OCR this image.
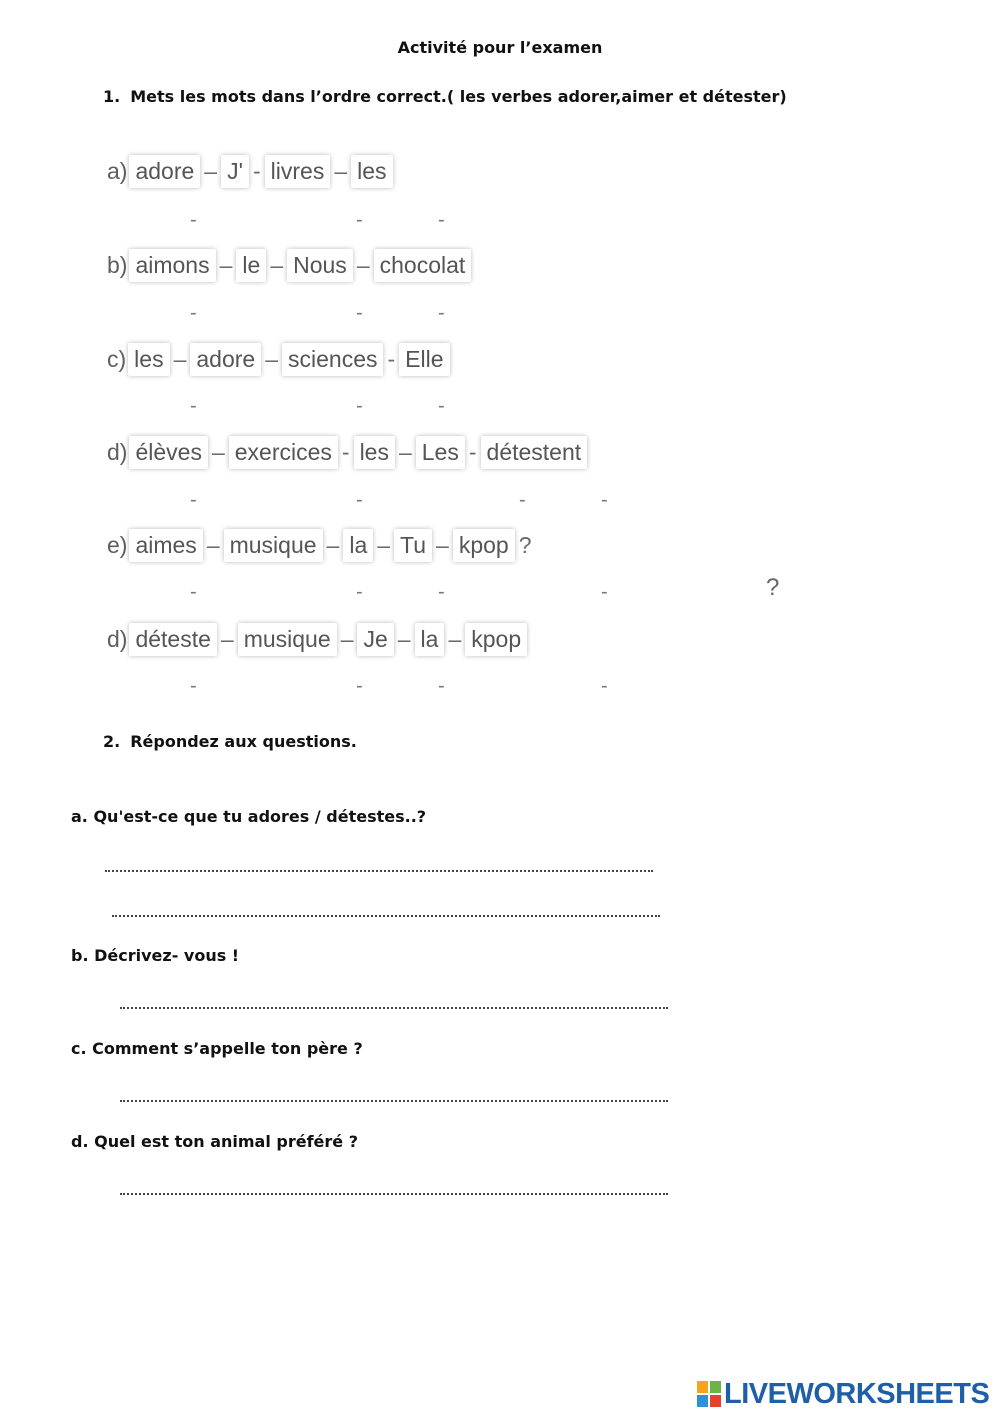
Activité pour l’examen
1. Mets les mots dans l’ordre correct.( les verbes adorer,aimer et détester)
a) adore – J' - livres – les
b) aimons – le – Nous – chocolat
c) les – adore – sciences - Elle
d) élèves – exercices - les – Les - détestent
e) aimes – musique – la – Tu – kpop ?
d) déteste – musique – Je – la – kpop
-	-	-
-	-	-
-	-	-
-	-	-	-
-	-	-	-	?
-	-	-	-
2. Répondez aux questions.
a. Qu'est-ce que tu adores / détestes..?
b. Décrivez- vous !
c. Comment s’appelle ton père ?
d. Quel est ton animal préféré ?
LIVEWORKSHEETS
